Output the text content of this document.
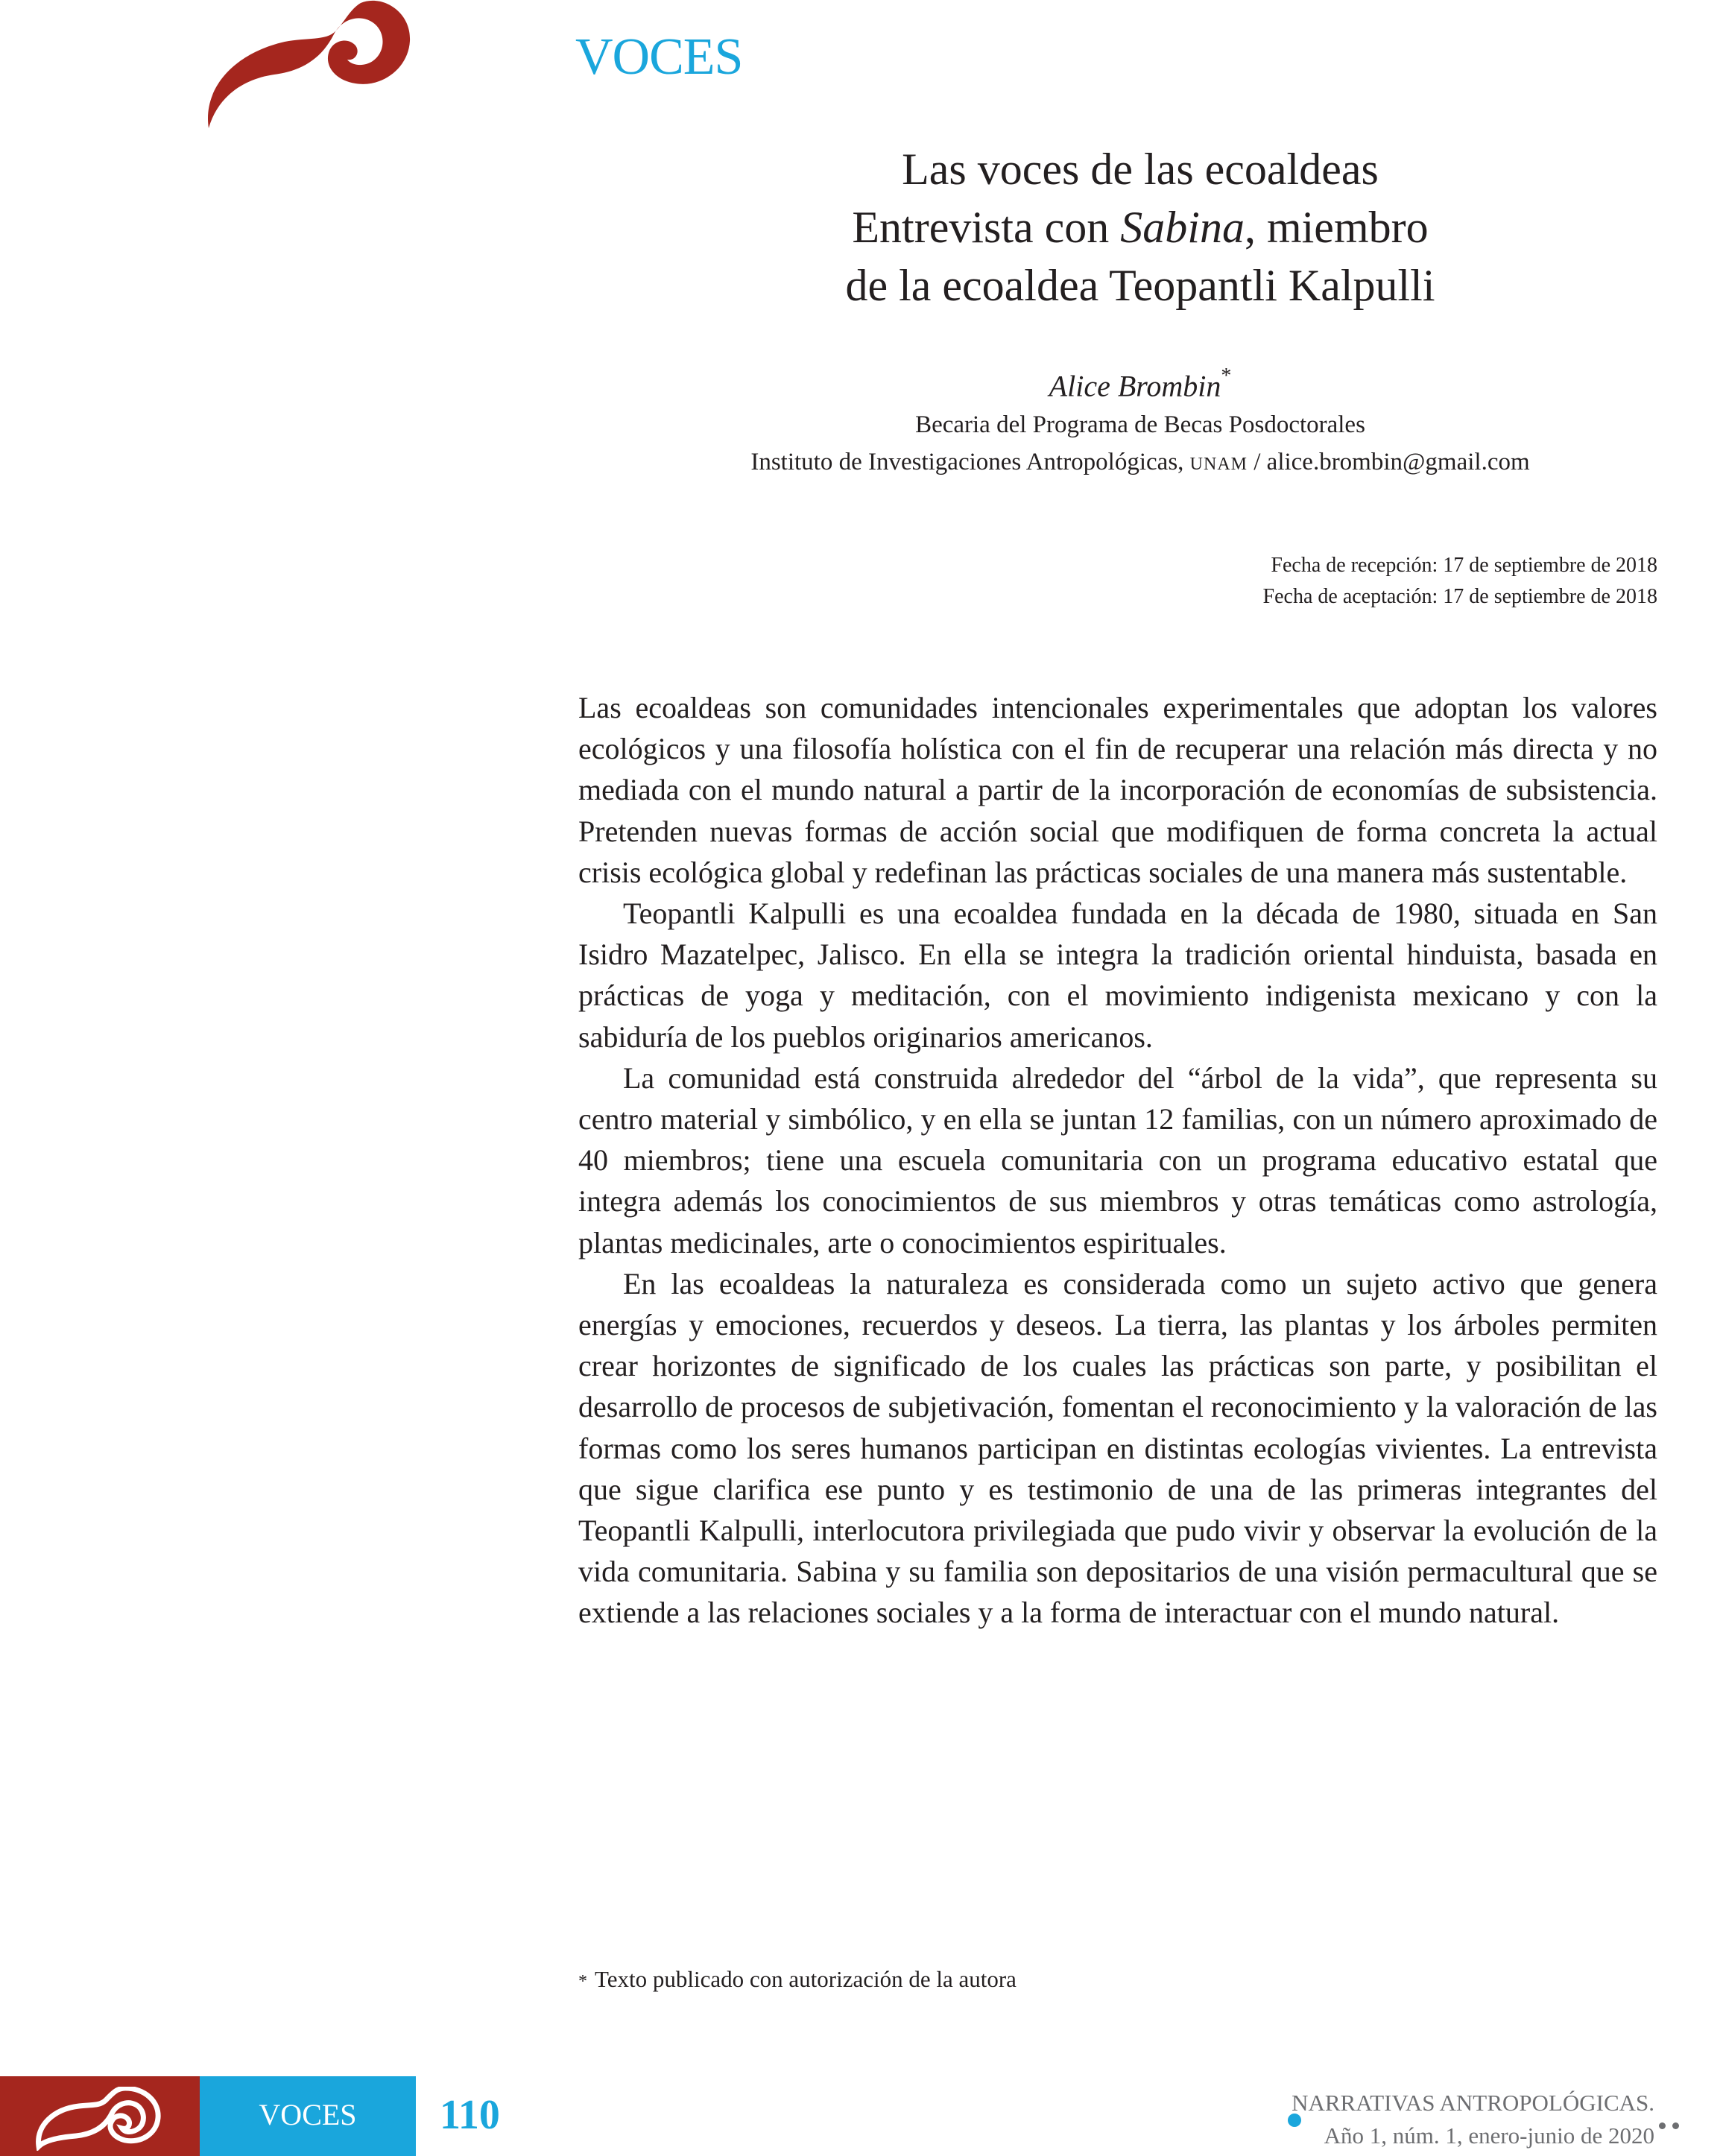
VOCES
Las voces de las ecoaldeas
Entrevista con Sabina, miembro
de la ecoaldea Teopantli Kalpulli
Alice Brombin*
Becaria del Programa de Becas Posdoctorales
Instituto de Investigaciones Antropológicas, UNAM / alice.brombin@gmail.com
Fecha de recepción: 17 de septiembre de 2018
Fecha de aceptación: 17 de septiembre de 2018

Las ecoaldeas son comunidades intencionales experimentales que adoptan los valores ecológicos y una filosofía holística con el fin de recuperar una relación más directa y no mediada con el mundo natural a partir de la incorporación de economías de subsistencia. Pretenden nuevas formas de acción social que modifiquen de forma concreta la actual crisis ecológica global y redefinan las prácticas sociales de una manera más sustentable.

Teopantli Kalpulli es una ecoaldea fundada en la década de 1980, situada en San Isidro Mazatelpec, Jalisco. En ella se integra la tradición oriental hinduista, basada en prácticas de yoga y meditación, con el movimiento indigenista mexicano y con la sabiduría de los pueblos originarios americanos.

La comunidad está construida alrededor del “árbol de la vida”, que representa su centro material y simbólico, y en ella se juntan 12 familias, con un número aproximado de 40 miembros; tiene una escuela comunitaria con un programa educativo estatal que integra además los conocimientos de sus miembros y otras temáticas como astrología, plantas medicinales, arte o conocimientos espirituales.

En las ecoaldeas la naturaleza es considerada como un sujeto activo que genera energías y emociones, recuerdos y deseos. La tierra, las plantas y los árboles permiten crear horizontes de significado de los cuales las prácticas son parte, y posibilitan el desarrollo de procesos de subjetivación, fomentan el reconocimiento y la valoración de las formas como los seres humanos participan en distintas ecologías vivientes. La entrevista que sigue clarifica ese punto y es testimonio de una de las primeras integrantes del Teopantli Kalpulli, interlocutora privilegiada que pudo vivir y observar la evolución de la vida comunitaria. Sabina y su familia son depositarios de una visión permacultural que se extiende a las relaciones sociales y a la forma de interactuar con el mundo natural.

* Texto publicado con autorización de la autora
VOCES	110	NARRATIVAS ANTROPOLÓGICAS.
Año 1, núm. 1, enero-junio de 2020
